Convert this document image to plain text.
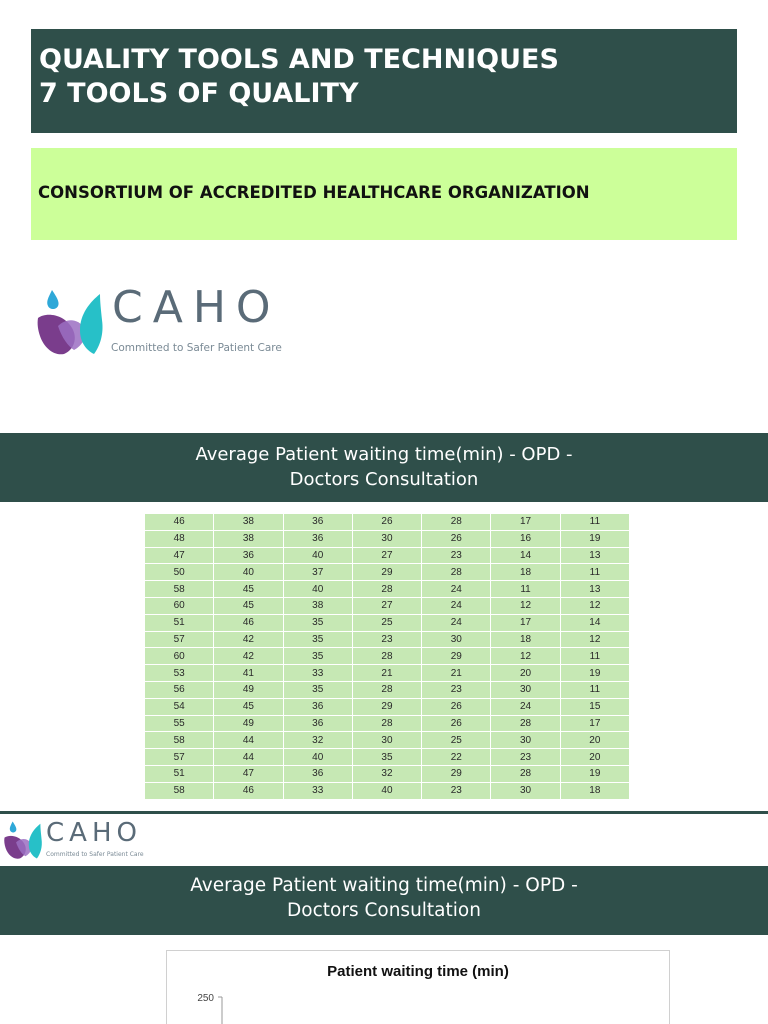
QUALITY TOOLS AND TECHNIQUES
7 TOOLS OF QUALITY
CONSORTIUM OF ACCREDITED HEALTHCARE ORGANIZATION
CAHO
Committed to Safer Patient Care
Average Patient waiting time(min) - OPD -
Doctors Consultation
46	38	36	26	28	17	11
48	38	36	30	26	16	19
47	36	40	27	23	14	13
50	40	37	29	28	18	11
58	45	40	28	24	11	13
60	45	38	27	24	12	12
51	46	35	25	24	17	14
57	42	35	23	30	18	12
60	42	35	28	29	12	11
53	41	33	21	21	20	19
56	49	35	28	23	30	11
54	45	36	29	26	24	15
55	49	36	28	26	28	17
58	44	32	30	25	30	20
57	44	40	35	22	23	20
51	47	36	32	29	28	19
58	46	33	40	23	30	18
CAHO
Committed to Safer Patient Care
Average Patient waiting time(min) - OPD -
Doctors Consultation
Patient waiting time (min)
250
